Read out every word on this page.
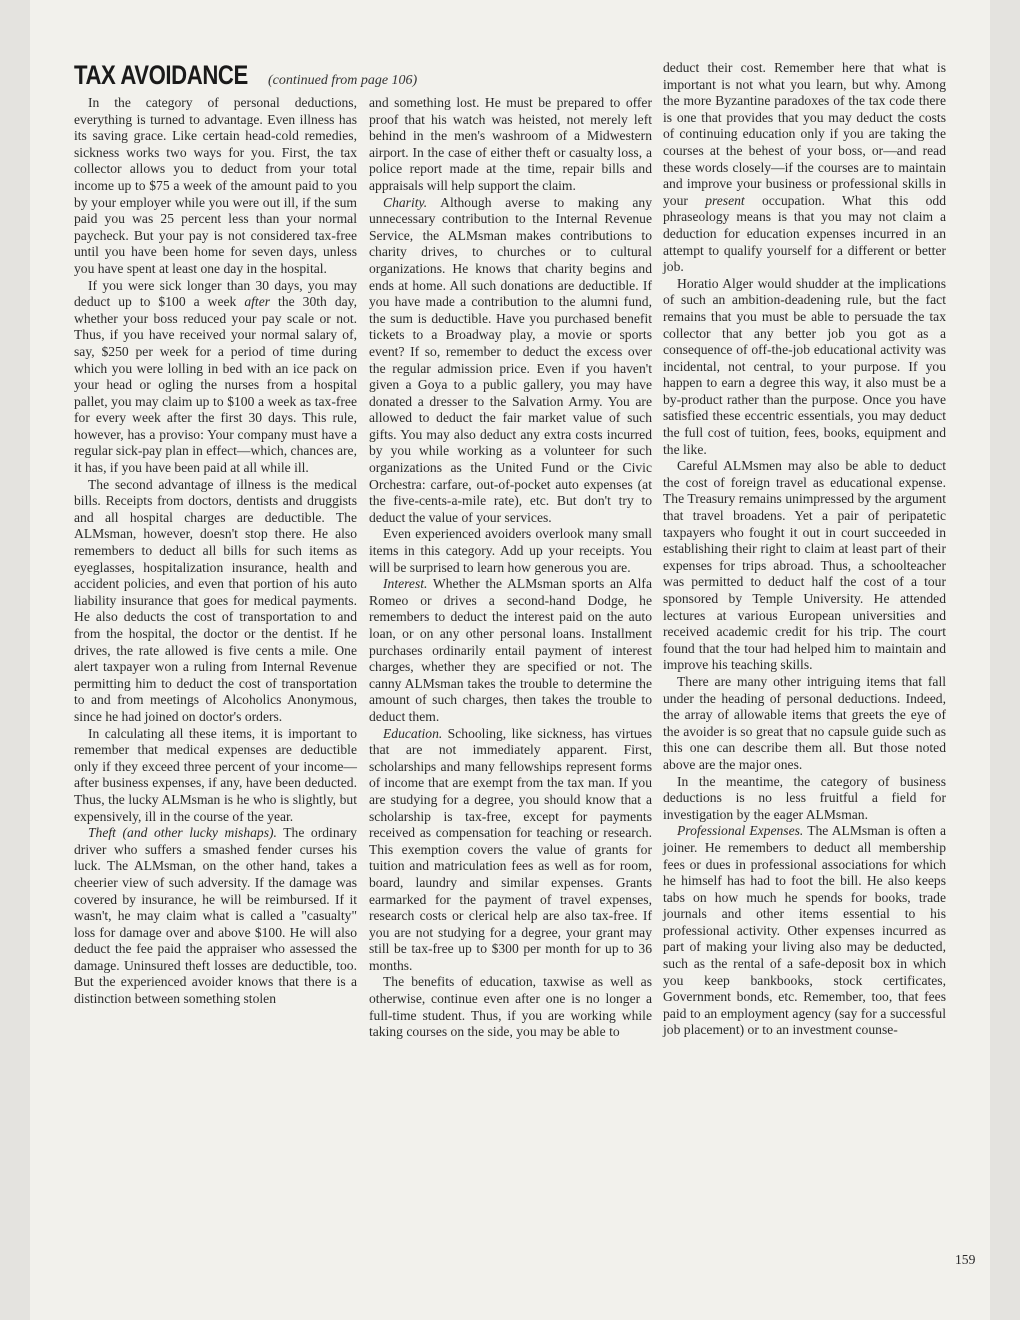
TAX AVOIDANCE (continued from page 106)

In the category of personal deductions, everything is turned to advantage. Even illness has its saving grace. Like certain head-cold remedies, sickness works two ways for you. First, the tax collector allows you to deduct from your total income up to $75 a week of the amount paid to you by your employer while you were out ill, if the sum paid you was 25 percent less than your normal paycheck. But your pay is not considered tax-free until you have been home for seven days, unless you have spent at least one day in the hospital.

If you were sick longer than 30 days, you may deduct up to $100 a week after the 30th day, whether your boss reduced your pay scale or not. Thus, if you have received your normal salary of, say, $250 per week for a period of time during which you were lolling in bed with an ice pack on your head or ogling the nurses from a hospital pallet, you may claim up to $100 a week as tax-free for every week after the first 30 days. This rule, however, has a proviso: Your company must have a regular sick-pay plan in effect—which, chances are, it has, if you have been paid at all while ill.

The second advantage of illness is the medical bills. Receipts from doctors, dentists and druggists and all hospital charges are deductible. The ALMsman, however, doesn't stop there. He also remembers to deduct all bills for such items as eyeglasses, hospitalization insurance, health and accident policies, and even that portion of his auto liability insurance that goes for medical payments. He also deducts the cost of transportation to and from the hospital, the doctor or the dentist. If he drives, the rate allowed is five cents a mile. One alert taxpayer won a ruling from Internal Revenue permitting him to deduct the cost of transportation to and from meetings of Alcoholics Anonymous, since he had joined on doctor's orders.

In calculating all these items, it is important to remember that medical expenses are deductible only if they exceed three percent of your income—after business expenses, if any, have been deducted. Thus, the lucky ALMsman is he who is slightly, but expensively, ill in the course of the year.

Theft (and other lucky mishaps). The ordinary driver who suffers a smashed fender curses his luck. The ALMsman, on the other hand, takes a cheerier view of such adversity. If the damage was covered by insurance, he will be reimbursed. If it wasn't, he may claim what is called a "casualty" loss for damage over and above $100. He will also deduct the fee paid the appraiser who assessed the damage. Uninsured theft losses are deductible, too. But the experienced avoider knows that there is a distinction between something stolen

and something lost. He must be prepared to offer proof that his watch was heisted, not merely left behind in the men's washroom of a Midwestern airport. In the case of either theft or casualty loss, a police report made at the time, repair bills and appraisals will help support the claim.

Charity. Although averse to making any unnecessary contribution to the Internal Revenue Service, the ALMsman makes contributions to charity drives, to churches or to cultural organizations. He knows that charity begins and ends at home. All such donations are deductible. If you have made a contribution to the alumni fund, the sum is deductible. Have you purchased benefit tickets to a Broadway play, a movie or sports event? If so, remember to deduct the excess over the regular admission price. Even if you haven't given a Goya to a public gallery, you may have donated a dresser to the Salvation Army. You are allowed to deduct the fair market value of such gifts. You may also deduct any extra costs incurred by you while working as a volunteer for such organizations as the United Fund or the Civic Orchestra: carfare, out-of-pocket auto expenses (at the five-cents-a-mile rate), etc. But don't try to deduct the value of your services.

Even experienced avoiders overlook many small items in this category. Add up your receipts. You will be surprised to learn how generous you are.

Interest. Whether the ALMsman sports an Alfa Romeo or drives a second-hand Dodge, he remembers to deduct the interest paid on the auto loan, or on any other personal loans. Installment purchases ordinarily entail payment of interest charges, whether they are specified or not. The canny ALMsman takes the trouble to determine the amount of such charges, then takes the trouble to deduct them.

Education. Schooling, like sickness, has virtues that are not immediately apparent. First, scholarships and many fellowships represent forms of income that are exempt from the tax man. If you are studying for a degree, you should know that a scholarship is tax-free, except for payments received as compensation for teaching or research. This exemption covers the value of grants for tuition and matriculation fees as well as for room, board, laundry and similar expenses. Grants earmarked for the payment of travel expenses, research costs or clerical help are also tax-free. If you are not studying for a degree, your grant may still be tax-free up to $300 per month for up to 36 months.

The benefits of education, taxwise as well as otherwise, continue even after one is no longer a full-time student. Thus, if you are working while taking courses on the side, you may be able to

deduct their cost. Remember here that what is important is not what you learn, but why. Among the more Byzantine paradoxes of the tax code there is one that provides that you may deduct the costs of continuing education only if you are taking the courses at the behest of your boss, or—and read these words closely—if the courses are to maintain and improve your business or professional skills in your present occupation. What this odd phraseology means is that you may not claim a deduction for education expenses incurred in an attempt to qualify yourself for a different or better job.

Horatio Alger would shudder at the implications of such an ambition-deadening rule, but the fact remains that you must be able to persuade the tax collector that any better job you got as a consequence of off-the-job educational activity was incidental, not central, to your purpose. If you happen to earn a degree this way, it also must be a by-product rather than the purpose. Once you have satisfied these eccentric essentials, you may deduct the full cost of tuition, fees, books, equipment and the like.

Careful ALMsmen may also be able to deduct the cost of foreign travel as educational expense. The Treasury remains unimpressed by the argument that travel broadens. Yet a pair of peripatetic taxpayers who fought it out in court succeeded in establishing their right to claim at least part of their expenses for trips abroad. Thus, a schoolteacher was permitted to deduct half the cost of a tour sponsored by Temple University. He attended lectures at various European universities and received academic credit for his trip. The court found that the tour had helped him to maintain and improve his teaching skills.

There are many other intriguing items that fall under the heading of personal deductions. Indeed, the array of allowable items that greets the eye of the avoider is so great that no capsule guide such as this one can describe them all. But those noted above are the major ones.

In the meantime, the category of business deductions is no less fruitful a field for investigation by the eager ALMsman.

Professional Expenses. The ALMsman is often a joiner. He remembers to deduct all membership fees or dues in professional associations for which he himself has had to foot the bill. He also keeps tabs on how much he spends for books, trade journals and other items essential to his professional activity. Other expenses incurred as part of making your living also may be deducted, such as the rental of a safe-deposit box in which you keep bankbooks, stock certificates, Government bonds, etc. Remember, too, that fees paid to an employment agency (say for a successful job placement) or to an investment counse-

159
